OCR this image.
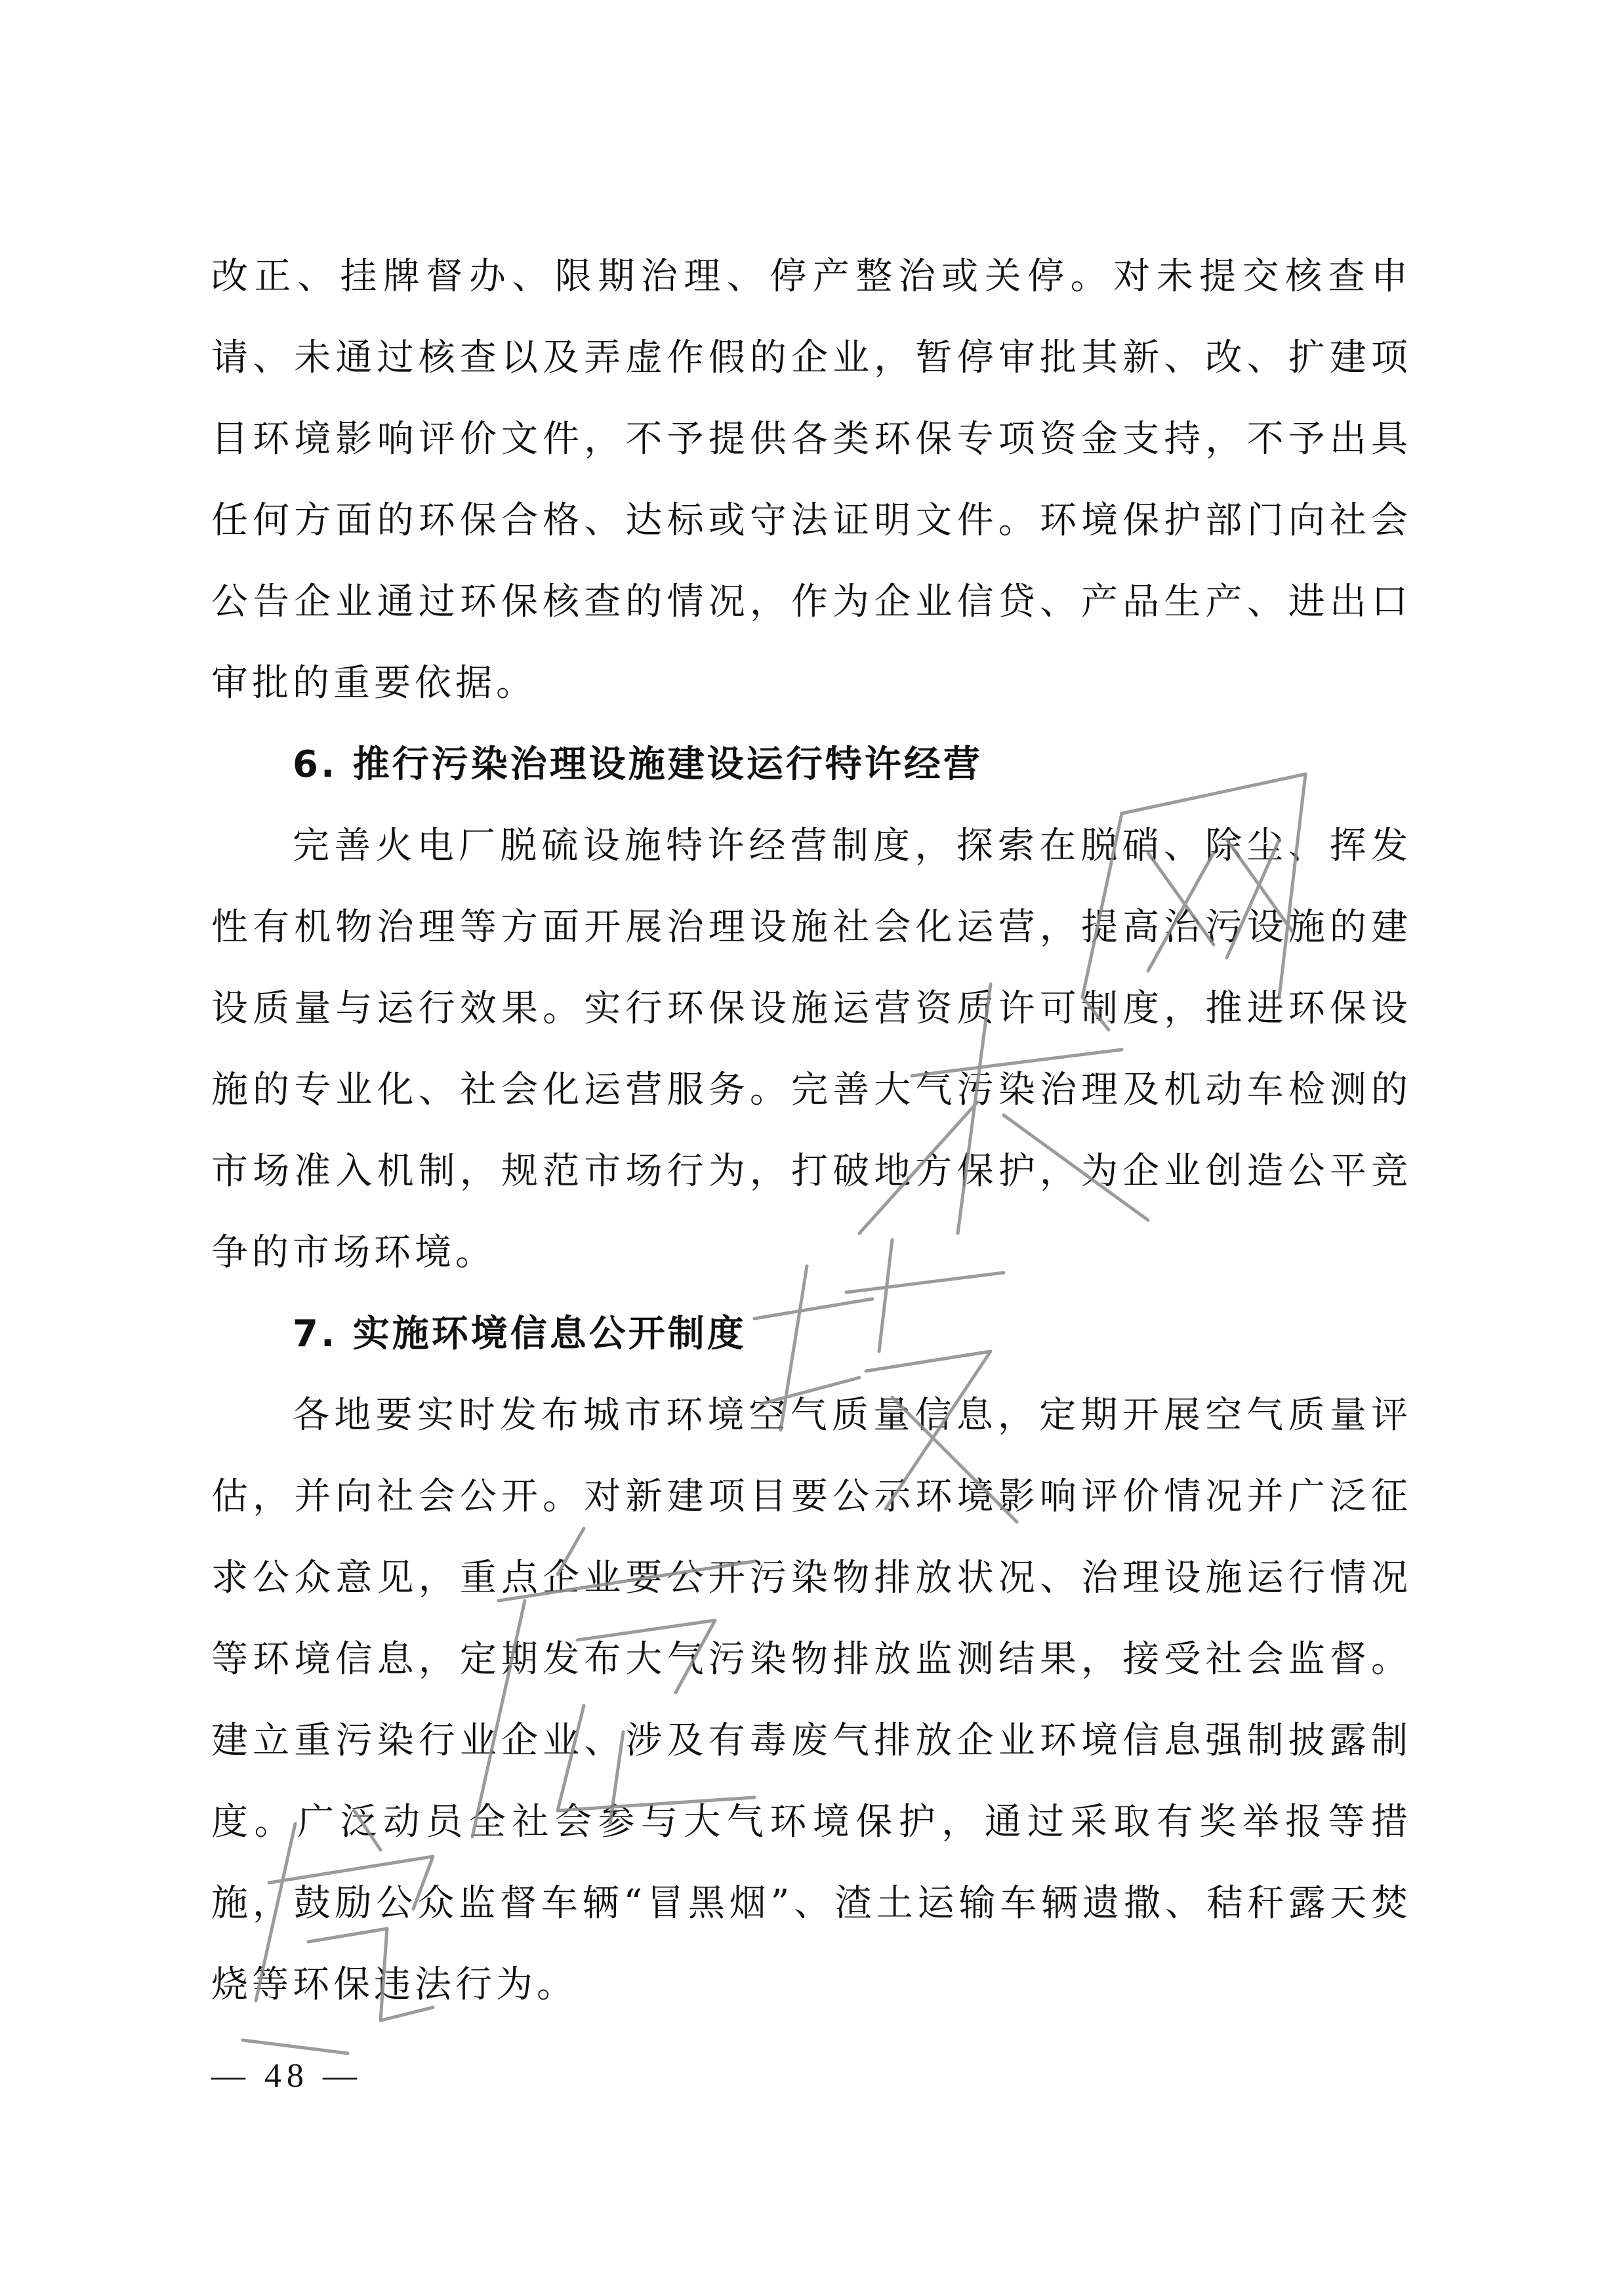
改正、挂牌督办、限期治理、停产整治或关停。对未提交核查申请、未通过核查以及弄虚作假的企业，暂停审批其新、改、扩建项目环境影响评价文件，不予提供各类环保专项资金支持，不予出具任何方面的环保合格、达标或守法证明文件。环境保护部门向社会公告企业通过环保核查的情况，作为企业信贷、产品生产、进出口审批的重要依据。

6. 推行污染治理设施建设运行特许经营

完善火电厂脱硫设施特许经营制度，探索在脱硝、除尘、挥发性有机物治理等方面开展治理设施社会化运营，提高治污设施的建设质量与运行效果。实行环保设施运营资质许可制度，推进环保设施的专业化、社会化运营服务。完善大气污染治理及机动车检测的市场准入机制，规范市场行为，打破地方保护，为企业创造公平竞争的市场环境。

7. 实施环境信息公开制度

各地要实时发布城市环境空气质量信息，定期开展空气质量评估，并向社会公开。对新建项目要公示环境影响评价情况并广泛征求公众意见，重点企业要公开污染物排放状况、治理设施运行情况等环境信息，定期发布大气污染物排放监测结果，接受社会监督。建立重污染行业企业、涉及有毒废气排放企业环境信息强制披露制度。广泛动员全社会参与大气环境保护，通过采取有奖举报等措施，鼓励公众监督车辆“冒黑烟”、渣土运输车辆遗撒、秸秆露天焚烧等环保违法行为。

— 48 —
